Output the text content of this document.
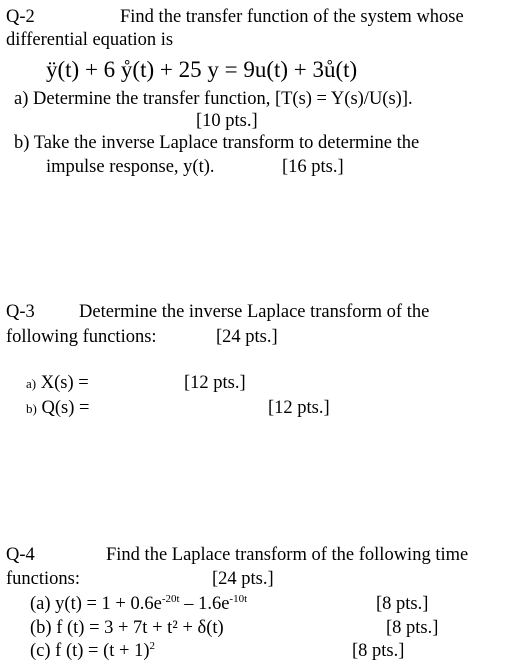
Q-2	Find the transfer function of the system whose
differential equation is
ÿ(t) + 6 ẙ(t) + 25 y = 9u(t) + 3ů(t)
a) Determine the transfer function, [T(s) = Y(s)/U(s)].
[10 pts.]
b) Take the inverse Laplace transform to determine the
impulse response, y(t).	[16 pts.]
Q-3 Determine the inverse Laplace transform of the
following functions:	[24 pts.]
a) X(s) =	[12 pts.]
b) Q(s) =	[12 pts.]
Q-4	Find the Laplace transform of the following time
functions:	[24 pts.]
(a) $y(t) = 1 + 0.6e^{-20t} - 1.6e^{-10t}$	[8 pts.]
(b) f (t) = 3 + 7t + t² + δ(t)	[8 pts.]
(c) f $(t) = (t + 1)^2$	[8 pts.]
